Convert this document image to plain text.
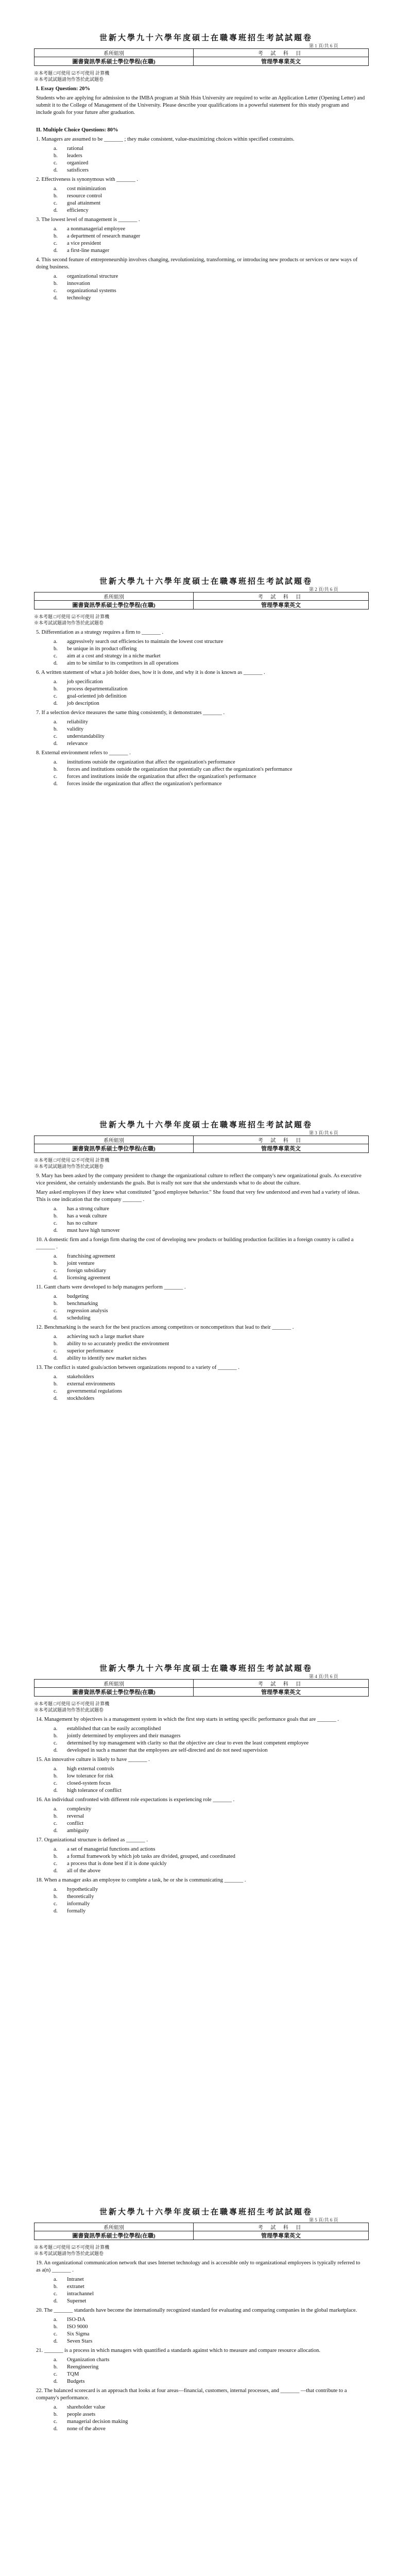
世新大學九十六學年度碩士在職專班招生考試試題卷
第 1 頁/共 6 頁
系所組別	考 試 科 目
圖書資訊學系碩士學位學程(在職)	管理學專業英文
※本考題 □可使用 ☑不可使用 計算機
※本考試試題請勿作答於此試題卷

I. Essay Question: 20%

Students who are applying for admission to the IMBA program at Shih Hsin University are required to write an Application Letter (Opening Letter) and submit it to the College of Management of the University. Please describe your qualifications in a powerful statement for this study program and include goals for your future after graduation.

II. Multiple Choice Questions: 80%

1. Managers are assumed to be _______ ; they make consistent, value-maximizing choices within specified constraints.

a. rational
b. leaders
c. organized
d. satisficers

2. Effectiveness is synonymous with _______ .

a. cost minimization
b. resource control
c. goal attainment
d. efficiency

3. The lowest level of management is _______ .

a. a nonmanagerial employee
b. a department of research manager
c. a vice president
d. a first-line manager

4. This second feature of entrepreneurship involves changing, revolutionizing, transforming, or introducing new products or services or new ways of doing business.

a. organizational structure
b. innovation
c. organizational systems
d. technology
世新大學九十六學年度碩士在職專班招生考試試題卷
第 2 頁/共 6 頁
系所組別	考 試 科 目
圖書資訊學系碩士學位學程(在職)	管理學專業英文
※本考題 □可使用 ☑不可使用 計算機
※本考試試題請勿作答於此試題卷

5. Differentiation as a strategy requires a firm to _______ .

a. aggressively search out efficiencies to maintain the lowest cost structure
b. be unique in its product offering
c. aim at a cost and strategy in a niche market
d. aim to be similar to its competitors in all operations

6. A written statement of what a job holder does, how it is done, and why it is done is known as _______ .

a. job specification
b. process departmentalization
c. goal-oriented job definition
d. job description

7. If a selection device measures the same thing consistently, it demonstrates _______ .

a. reliability
b. validity
c. understandability
d. relevance

8. External environment refers to _______ .

a. institutions outside the organization that affect the organization's performance
b. forces and institutions outside the organization that potentially can affect the organization's performance
c. forces and institutions inside the organization that affect the organization's performance
d. forces inside the organization that affect the organization's performance
世新大學九十六學年度碩士在職專班招生考試試題卷
第 3 頁/共 6 頁
系所組別	考 試 科 目
圖書資訊學系碩士學位學程(在職)	管理學專業英文
※本考題 □可使用 ☑不可使用 計算機
※本考試試題請勿作答於此試題卷

9. Mary has been asked by the company president to change the organizational culture to reflect the company's new organizational goals. As executive vice president, she certainly understands the goals. But is really not sure that she understands what to do about the culture.

Mary asked employees if they knew what constituted "good employee behavior." She found that very few understood and even had a variety of ideas. This is one indication that the company _______ .

a. has a strong culture
b. has a weak culture
c. has no culture
d. must have high turnover

10. A domestic firm and a foreign firm sharing the cost of developing new products or building production facilities in a foreign country is called a _______ .

a. franchising agreement
b. joint venture
c. foreign subsidiary
d. licensing agreement

11. Gantt charts were developed to help managers perform _______ .

a. budgeting
b. benchmarking
c. regression analysis
d. scheduling

12. Benchmarking is the search for the best practices among competitors or noncompetitors that lead to their _______ .

a. achieving such a large market share
b. ability to so accurately predict the environment
c. superior performance
d. ability to identify new market niches

13. The conflict is stated goals/action between organizations respond to a variety of _______ .

a. stakeholders
b. external environments
c. governmental regulations
d. stockholders
世新大學九十六學年度碩士在職專班招生考試試題卷
第 4 頁/共 6 頁
系所組別	考 試 科 目
圖書資訊學系碩士學位學程(在職)	管理學專業英文
※本考題 □可使用 ☑不可使用 計算機
※本考試試題請勿作答於此試題卷

14. Management by objectives is a management system in which the first step starts in setting specific performance goals that are _______ .

a. established that can be easily accomplished
b. jointly determined by employees and their managers
c. determined by top management with clarity so that the objective are clear to even the least competent employee
d. developed in such a manner that the employees are self-directed and do not need supervision

15. An innovative culture is likely to have _______ .

a. high external controls
b. low tolerance for risk
c. closed-system focus
d. high tolerance of conflict

16. An individual confronted with different role expectations is experiencing role _______ .

a. complexity
b. reversal
c. conflict
d. ambiguity

17. Organizational structure is defined as _______ .

a. a set of managerial functions and actions
b. a formal framework by which job tasks are divided, grouped, and coordinated
c. a process that is done best if it is done quickly
d. all of the above

18. When a manager asks an employee to complete a task, he or she is communicating _______ .

a. hypothetically
b. theoretically
c. informally
d. formally
世新大學九十六學年度碩士在職專班招生考試試題卷
第 5 頁/共 6 頁
系所組別	考 試 科 目
圖書資訊學系碩士學位學程(在職)	管理學專業英文
※本考題 □可使用 ☑不可使用 計算機
※本考試試題請勿作答於此試題卷

19. An organizational communication network that uses Internet technology and is accessible only to organizational employees is typically referred to as a(n) _______ .

a. Intranet
b. extranet
c. intrachannel
d. Supernet

20. The _______ standards have become the internationally recognized standard for evaluating and comparing companies in the global marketplace.

a. ISO-DA
b. ISO 9000
c. Six Sigma
d. Seven Stars

21. _______ is a process in which managers with quantified a standards against which to measure and compare resource allocation.

a. Organization charts
b. Reengineering
c. TQM
d. Budgets

22. The balanced scorecard is an approach that looks at four areas—financial, customers, internal processes, and _______ —that contribute to a company's performance.

a. shareholder value
b. people assets
c. managerial decision making
d. none of the above
